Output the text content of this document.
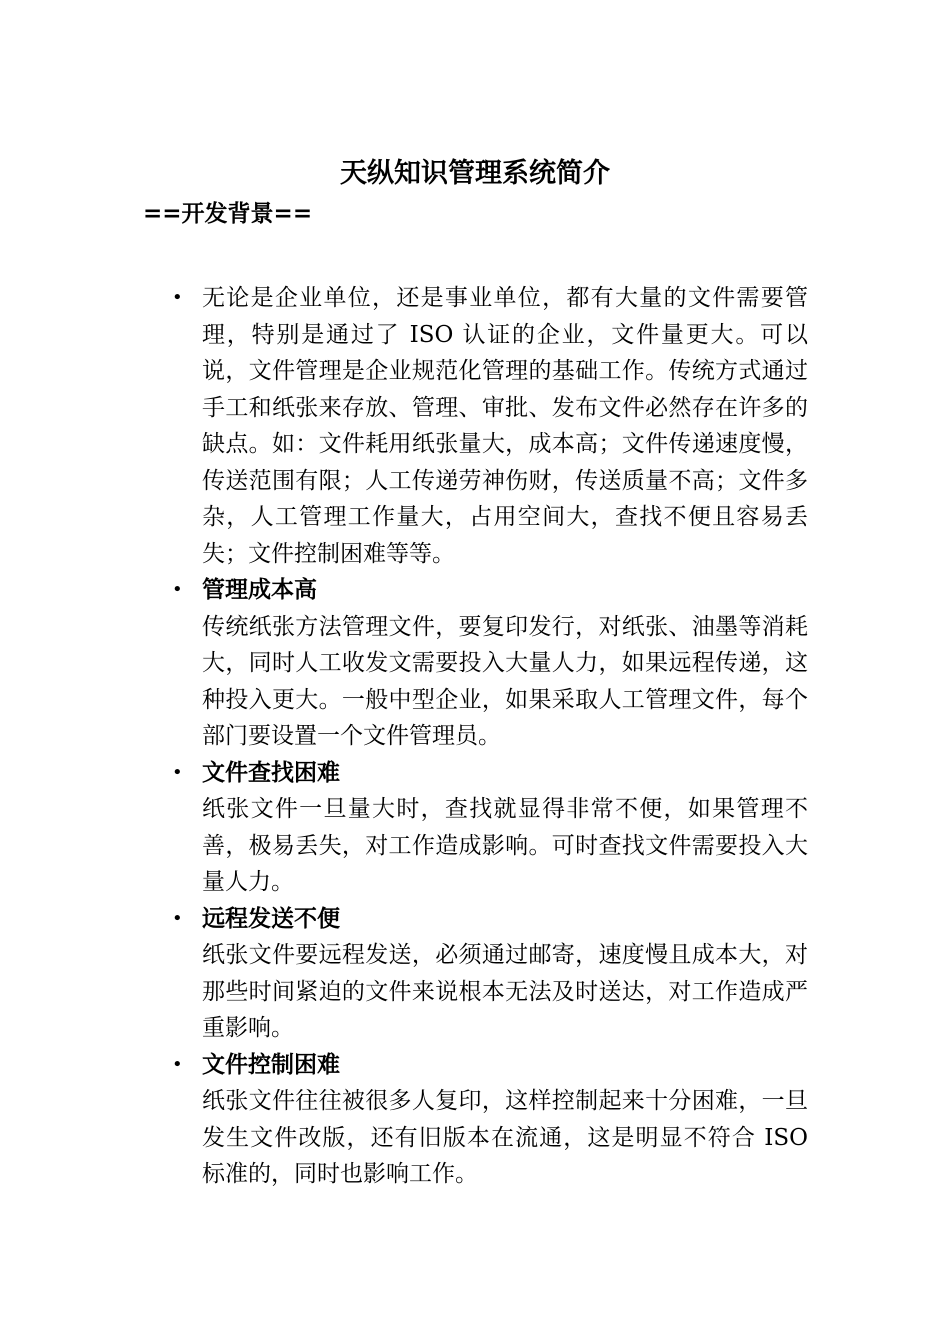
天纵知识管理系统简介
==开发背景==
• 无论是企业单位，还是事业单位，都有大量的文件需要管理，特别是通过了 ISO 认证的企业，文件量更大。可以说，文件管理是企业规范化管理的基础工作。传统方式通过手工和纸张来存放、管理、审批、发布文件必然存在许多的缺点。如：文件耗用纸张量大，成本高；文件传递速度慢，传送范围有限；人工传递劳神伤财，传送质量不高；文件多杂，人工管理工作量大，占用空间大，查找不便且容易丢失；文件控制困难等等。
• 管理成本高
传统纸张方法管理文件，要复印发行，对纸张、油墨等消耗大，同时人工收发文需要投入大量人力，如果远程传递，这种投入更大。一般中型企业，如果采取人工管理文件，每个部门要设置一个文件管理员。
• 文件查找困难
纸张文件一旦量大时，查找就显得非常不便，如果管理不善，极易丢失，对工作造成影响。可时查找文件需要投入大量人力。
• 远程发送不便
纸张文件要远程发送，必须通过邮寄，速度慢且成本大，对那些时间紧迫的文件来说根本无法及时送达，对工作造成严重影响。
• 文件控制困难
纸张文件往往被很多人复印，这样控制起来十分困难，一旦发生文件改版，还有旧版本在流通，这是明显不符合 ISO 标准的，同时也影响工作。
